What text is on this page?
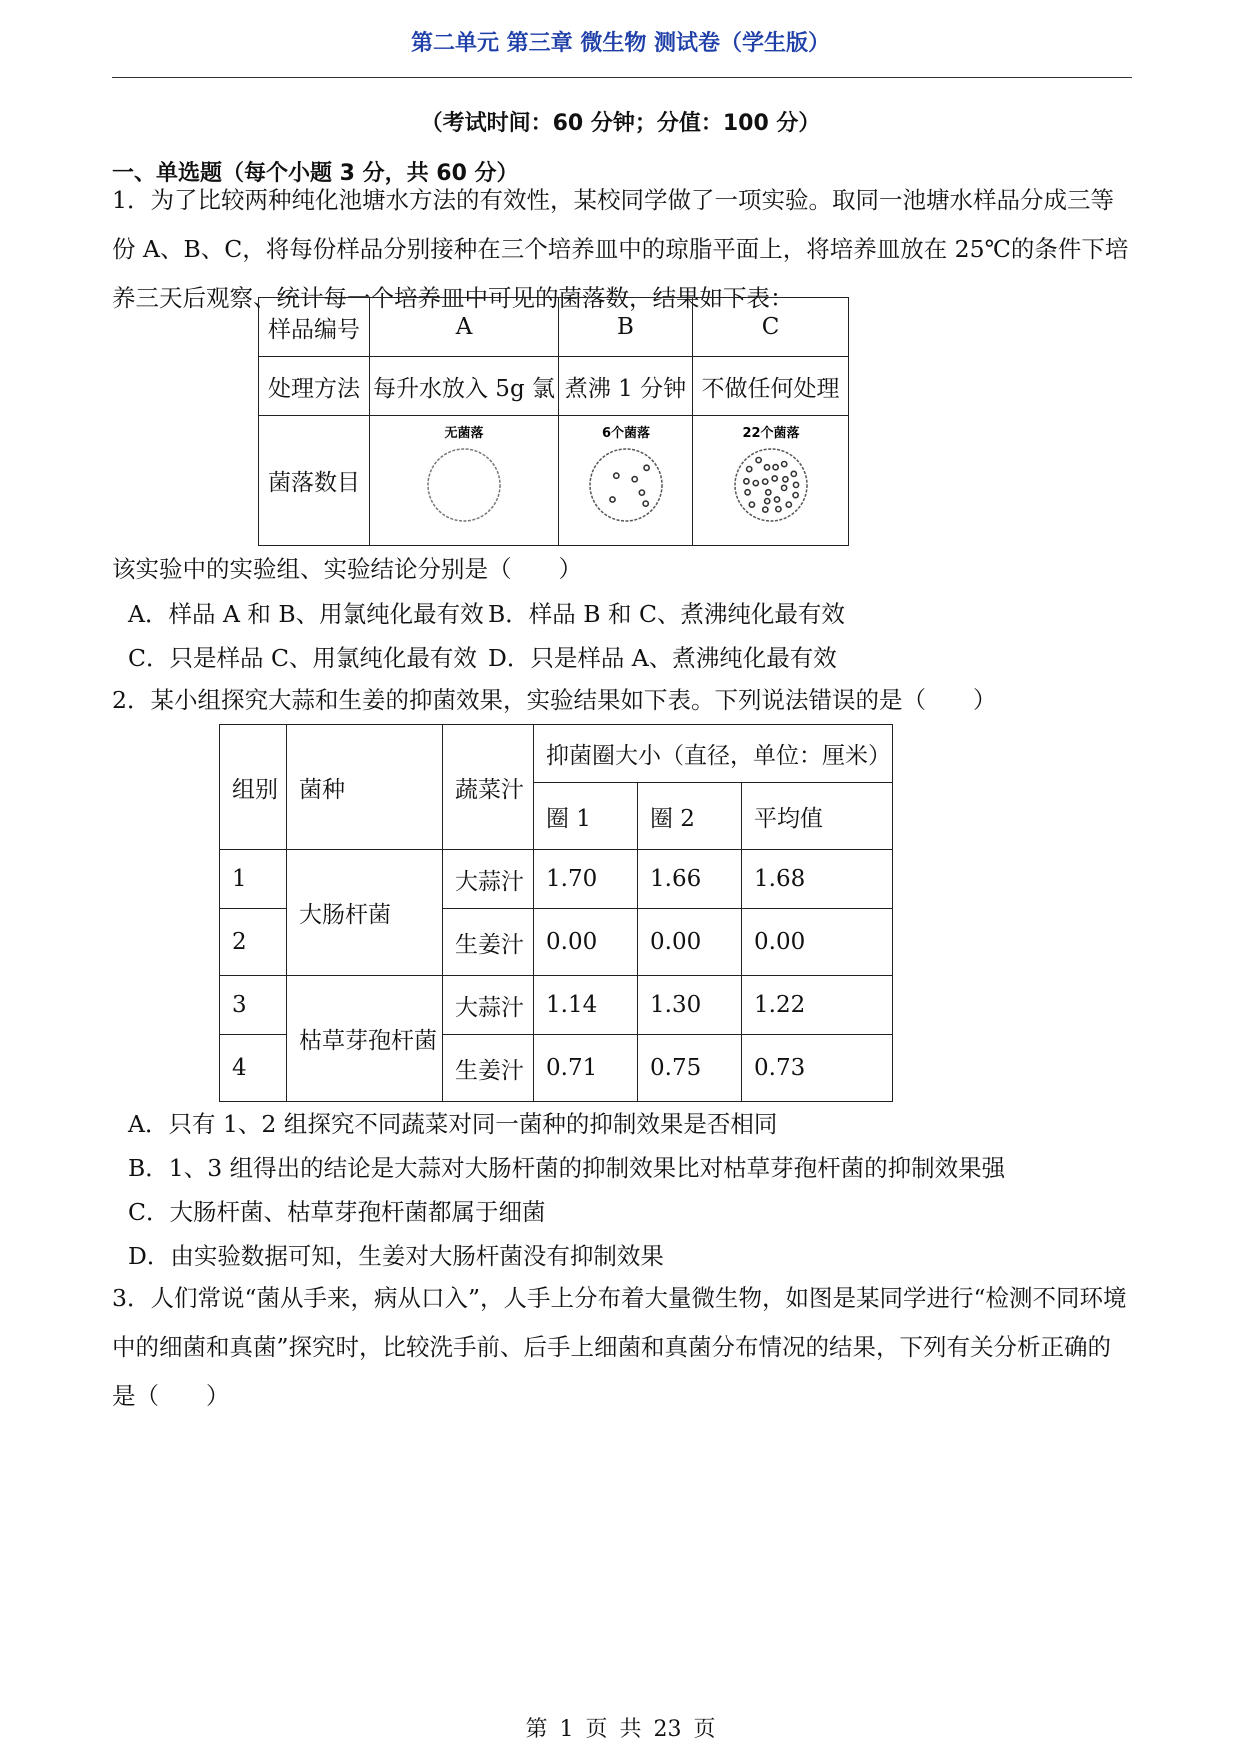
第二单元 第三章 微生物 测试卷（学生版）
（考试时间：60 分钟；分值：100 分）
一、单选题（每个小题 3 分，共 60 分）
1．为了比较两种纯化池塘水方法的有效性，某校同学做了一项实验。取同一池塘水样品分成三等份 A、B、C，将每份样品分别接种在三个培养皿中的琼脂平面上，将培养皿放在 25℃的条件下培养三天后观察、统计每一个培养皿中可见的菌落数，结果如下表：
样品编号	A	B	C
处理方法	每升水放入 5g 氯	煮沸 1 分钟	不做任何处理
菌落数目	无菌落	6个菌落	22个菌落
该实验中的实验组、实验结论分别是（　　）
A．样品 A 和 B、用氯纯化最有效 B．样品 B 和 C、煮沸纯化最有效
C．只是样品 C、用氯纯化最有效 D．只是样品 A、煮沸纯化最有效
2．某小组探究大蒜和生姜的抑菌效果，实验结果如下表。下列说法错误的是（　　）
组别	菌种	蔬菜汁	抑菌圈大小（直径，单位：厘米）		
			圈 1	圈 2	平均值
1	大肠杆菌	大蒜汁	1.70	1.66	1.68
2		生姜汁	0.00	0.00	0.00
3	枯草芽孢杆菌	大蒜汁	1.14	1.30	1.22
4		生姜汁	0.71	0.75	0.73
A．只有 1、2 组探究不同蔬菜对同一菌种的抑制效果是否相同
B．1、3 组得出的结论是大蒜对大肠杆菌的抑制效果比对枯草芽孢杆菌的抑制效果强
C．大肠杆菌、枯草芽孢杆菌都属于细菌
D．由实验数据可知，生姜对大肠杆菌没有抑制效果
3．人们常说“菌从手来，病从口入”，人手上分布着大量微生物，如图是某同学进行“检测不同环境中的细菌和真菌”探究时，比较洗手前、后手上细菌和真菌分布情况的结果，下列有关分析正确的是（　　）
第 1 页 共 23 页
